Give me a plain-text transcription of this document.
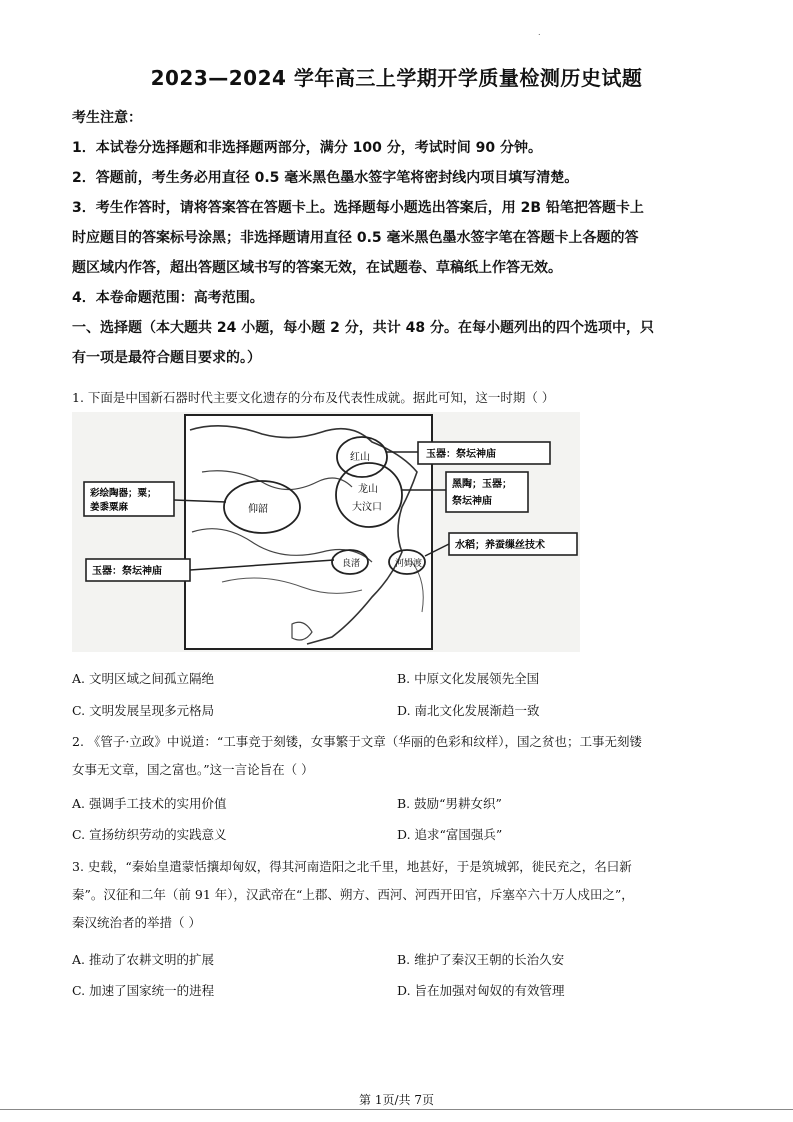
.
2023—2024 学年高三上学期开学质量检测历史试题

考生注意：

1．本试卷分选择题和非选择题两部分，满分 100 分，考试时间 90 分钟。

2．答题前，考生务必用直径 0.5 毫米黑色墨水签字笔将密封线内项目填写清楚。

3．考生作答时，请将答案答在答题卡上。选择题每小题选出答案后，用 2B 铅笔把答题卡上

时应题目的答案标号涂黑；非选择题请用直径 0.5 毫米黑色墨水签字笔在答题卡上各题的答

题区域内作答，超出答题区域书写的答案无效，在试题卷、草稿纸上作答无效。

4．本卷命题范围：高考范围。

一、选择题（本大题共 24 小题，每小题 2 分，共计 48 分。在每小题列出的四个选项中，只

有一项是最符合题目要求的。）

1. 下面是中国新石器时代主要文化遗存的分布及代表性成就。据此可知，这一时期（ ）

红山
龙山
大汶口
仰韶
良渚	河姆渡
玉器：祭坛神庙
黑陶；玉器；
祭坛神庙
彩绘陶器；粟；
姜黍粟麻
水稻；养蚕缫丝技术
玉器：祭坛神庙
A. 文明区域之间孤立隔绝	B. 中原文化发展领先全国
C. 文明发展呈现多元格局	D. 南北文化发展渐趋一致

2. 《管子·立政》中说道：“工事竞于刻镂，女事繁于文章（华丽的色彩和纹样），国之贫也；工事无刻镂

女事无文章，国之富也。”这一言论旨在（ ）

A. 强调手工技术的实用价值	B. 鼓励“男耕女织”
C. 宣扬纺织劳动的实践意义	D. 追求“富国强兵”

3. 史载，“秦始皇遣蒙恬攘却匈奴，得其河南造阳之北千里，地甚好，于是筑城郭，徙民充之，名曰新

秦”。汉征和二年（前 91 年），汉武帝在“上郡、朔方、西河、河西开田官，斥塞卒六十万人戍田之”，

秦汉统治者的举措（ ）

A. 推动了农耕文明的扩展	B. 维护了秦汉王朝的长治久安
C. 加速了国家统一的进程	D. 旨在加强对匈奴的有效管理
第 1页/共 7页
